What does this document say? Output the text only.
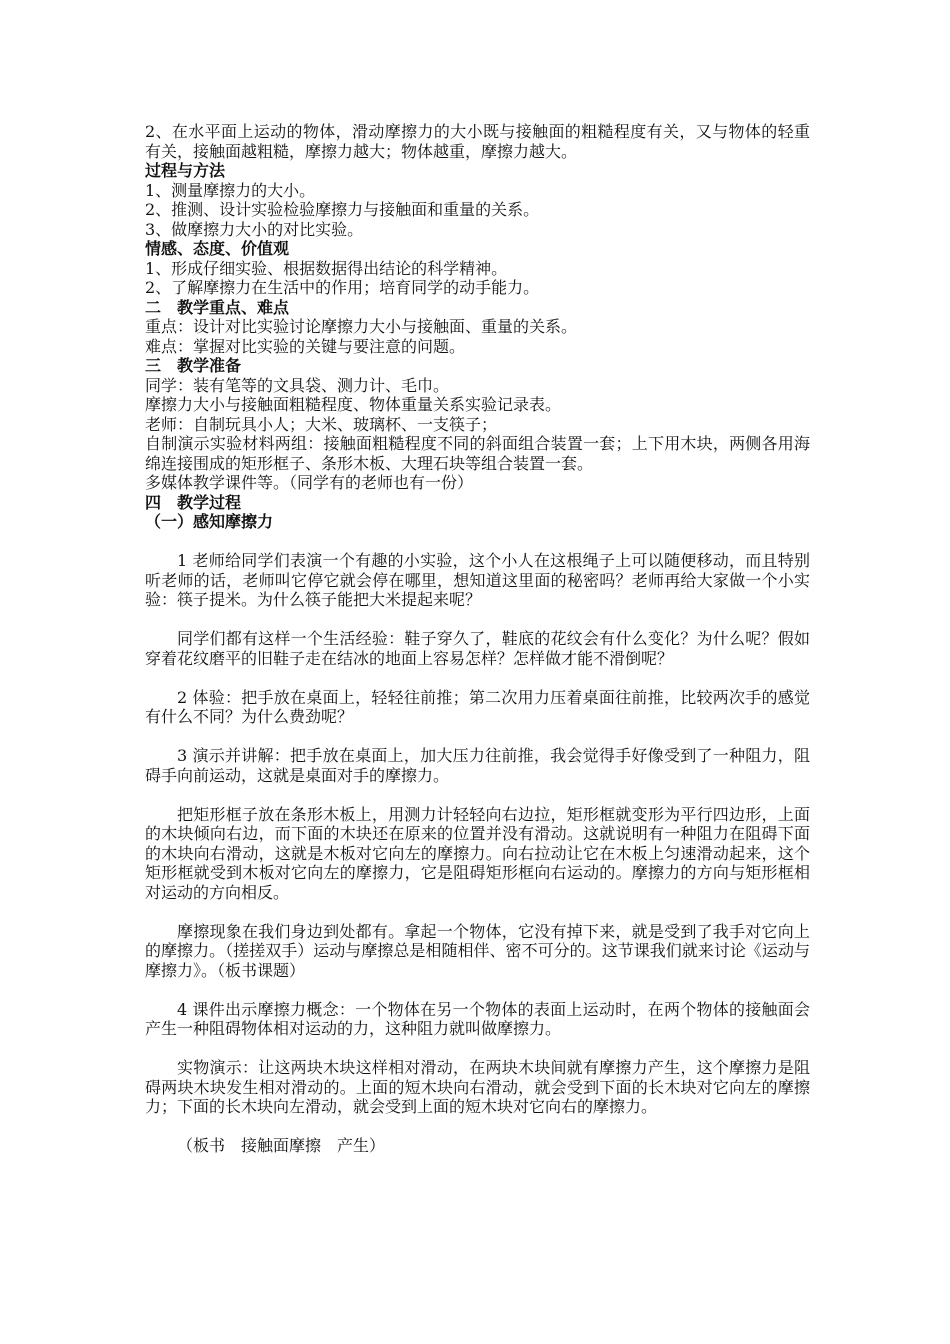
2、在水平面上运动的物体，滑动摩擦力的大小既与接触面的粗糙程度有关，又与物体的轻重有关，接触面越粗糙，摩擦力越大；物体越重，摩擦力越大。

过程与方法

1、测量摩擦力的大小。

2、推测、设计实验检验摩擦力与接触面和重量的关系。

3、做摩擦力大小的对比实验。

情感、态度、价值观

1、形成仔细实验、根据数据得出结论的科学精神。

2、了解摩擦力在生活中的作用；培育同学的动手能力。

二　教学重点、难点

重点：设计对比实验讨论摩擦力大小与接触面、重量的关系。

难点：掌握对比实验的关键与要注意的问题。

三　教学准备

同学：装有笔等的文具袋、测力计、毛巾。

摩擦力大小与接触面粗糙程度、物体重量关系实验记录表。

老师：自制玩具小人；大米、玻璃杯、一支筷子；

自制演示实验材料两组：接触面粗糙程度不同的斜面组合装置一套；上下用木块，两侧各用海绵连接围成的矩形框子、条形木板、大理石块等组合装置一套。

多媒体教学课件等。（同学有的老师也有一份）

四　教学过程

（一）感知摩擦力

1 老师给同学们表演一个有趣的小实验，这个小人在这根绳子上可以随便移动，而且特别听老师的话，老师叫它停它就会停在哪里，想知道这里面的秘密吗？老师再给大家做一个小实验：筷子提米。为什么筷子能把大米提起来呢？

同学们都有这样一个生活经验：鞋子穿久了，鞋底的花纹会有什么变化？为什么呢？假如穿着花纹磨平的旧鞋子走在结冰的地面上容易怎样？怎样做才能不滑倒呢？

2 体验：把手放在桌面上，轻轻往前推；第二次用力压着桌面往前推，比较两次手的感觉有什么不同？为什么费劲呢？

3 演示并讲解：把手放在桌面上，加大压力往前推，我会觉得手好像受到了一种阻力，阻碍手向前运动，这就是桌面对手的摩擦力。

把矩形框子放在条形木板上，用测力计轻轻向右边拉，矩形框就变形为平行四边形，上面的木块倾向右边，而下面的木块还在原来的位置并没有滑动。这就说明有一种阻力在阻碍下面的木块向右滑动，这就是木板对它向左的摩擦力。向右拉动让它在木板上匀速滑动起来，这个矩形框就受到木板对它向左的摩擦力，它是阻碍矩形框向右运动的。摩擦力的方向与矩形框相对运动的方向相反。

摩擦现象在我们身边到处都有。拿起一个物体，它没有掉下来，就是受到了我手对它向上的摩擦力。（搓搓双手）运动与摩擦总是相随相伴、密不可分的。这节课我们就来讨论《运动与摩擦力》。（板书课题）

4 课件出示摩擦力概念：一个物体在另一个物体的表面上运动时，在两个物体的接触面会产生一种阻碍物体相对运动的力，这种阻力就叫做摩擦力。

实物演示：让这两块木块这样相对滑动，在两块木块间就有摩擦力产生，这个摩擦力是阻碍两块木块发生相对滑动的。上面的短木块向右滑动，就会受到下面的长木块对它向左的摩擦力；下面的长木块向左滑动，就会受到上面的短木块对它向右的摩擦力。

（板书　接触面摩擦　产生）
